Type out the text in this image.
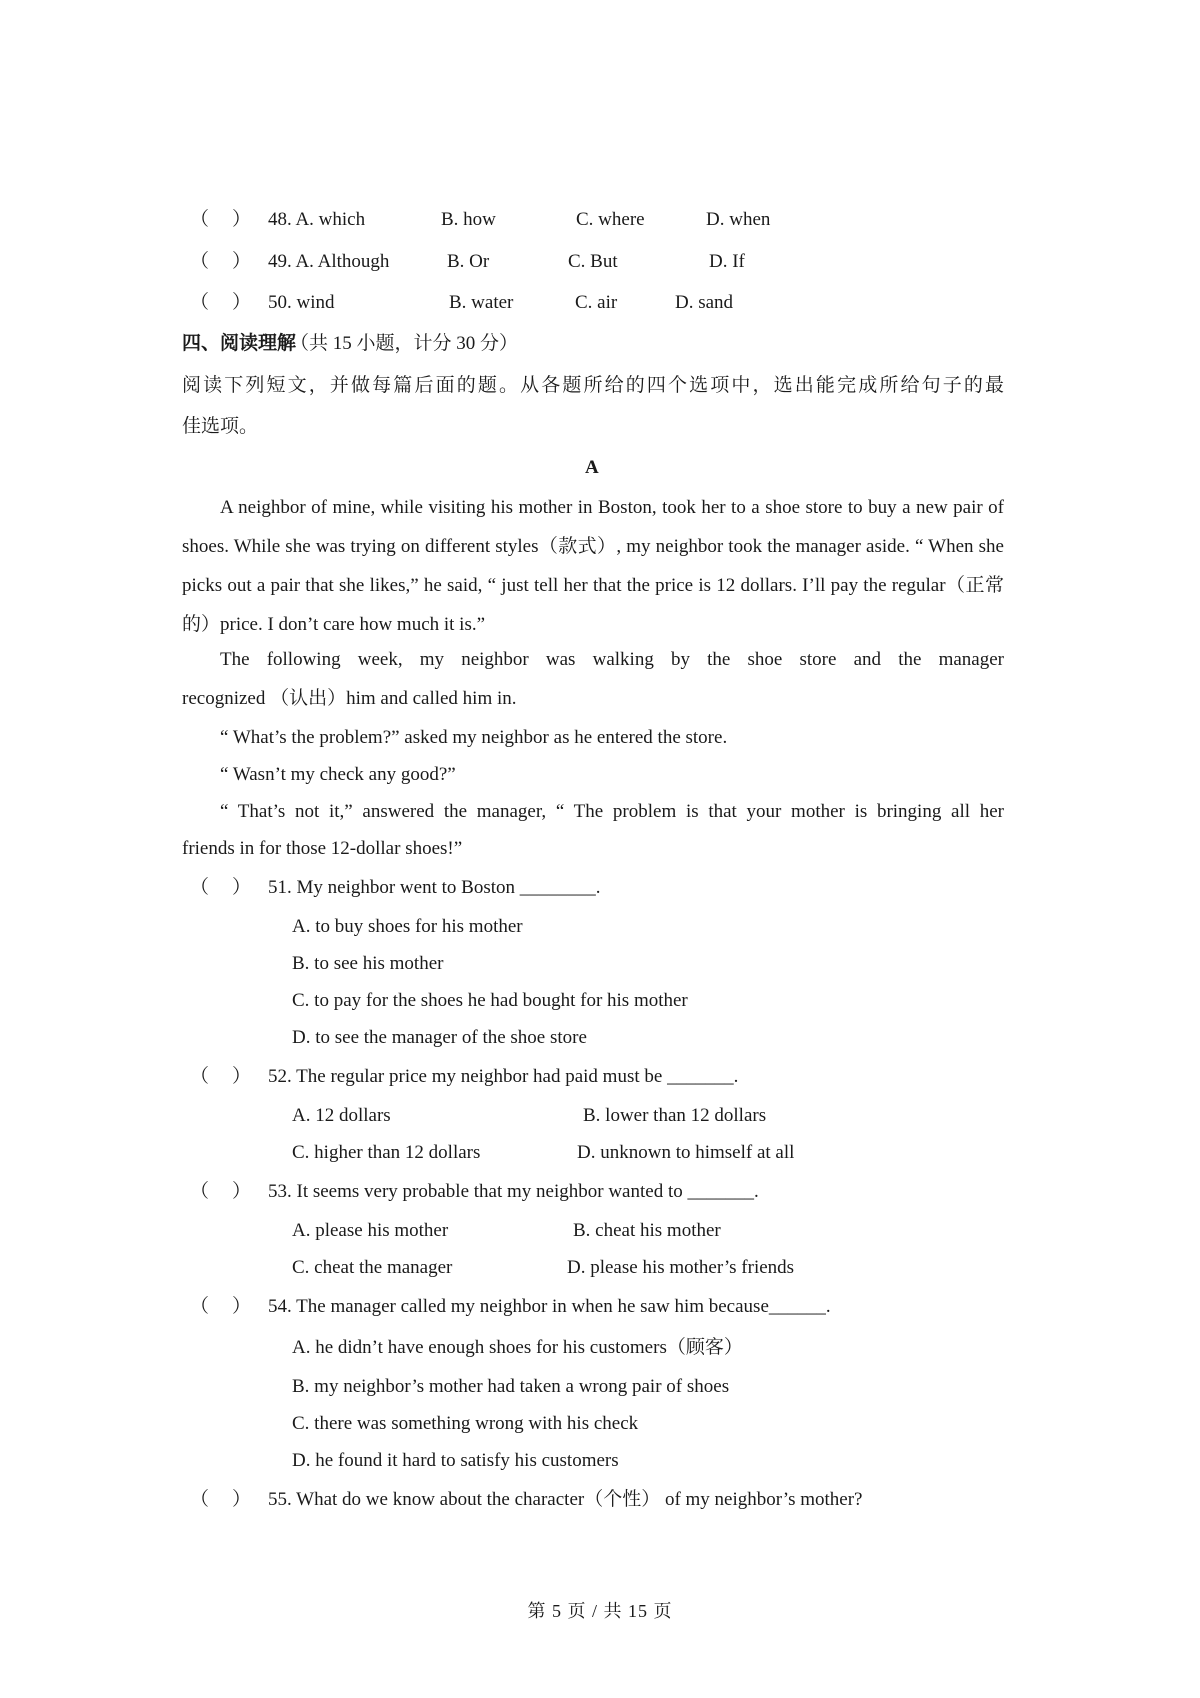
（ ） 48. A. which	B. how	C. where	D. when
（ ） 49. A. Although	B. Or	C. But	D. If
（ ） 50. wind	B. water	C. air	D. sand
四、阅读理解
（共 15 小题，计分 30 分）
阅读下列短文，并做每篇后面的题。从各题所给的四个选项中，选出能完成所给句子的最
佳选项。
A
A neighbor of mine, while visiting his mother in Boston, took her to a shoe store to buy a new pair of shoes. While she was trying on different styles（款式）, my neighbor took the manager aside. “ When she picks out a pair that she likes,” he said, “ just tell her that the price is 12 dollars. I’ll pay the regular（正常的）price. I don’t care how much it is.”
The following week, my neighbor was walking by the shoe store and the manager
recognized （认出）him and called him in.
“ What’s the problem?” asked my neighbor as he entered the store.
“ Wasn’t my check any good?”
“ That’s not it,” answered the manager, “ The problem is that your mother is bringing all her
friends in for those 12-dollar shoes!”
（ ） 51. My neighbor went to Boston ________.
A. to buy shoes for his mother
B. to see his mother
C. to pay for the shoes he had bought for his mother
D. to see the manager of the shoe store
（ ） 52. The regular price my neighbor had paid must be _______.
A. 12 dollars	B. lower than 12 dollars
C. higher than 12 dollars	D. unknown to himself at all
（ ） 53. It seems very probable that my neighbor wanted to _______.
A. please his mother	B. cheat his mother
C. cheat the manager	D. please his mother’s friends
（ ） 54. The manager called my neighbor in when he saw him because______.
A. he didn’t have enough shoes for his customers（顾客）
B. my neighbor’s mother had taken a wrong pair of shoes
C. there was something wrong with his check
D. he found it hard to satisfy his customers
（ ） 55. What do we know about the character（个性） of my neighbor’s mother?
第 5 页 / 共 15 页
